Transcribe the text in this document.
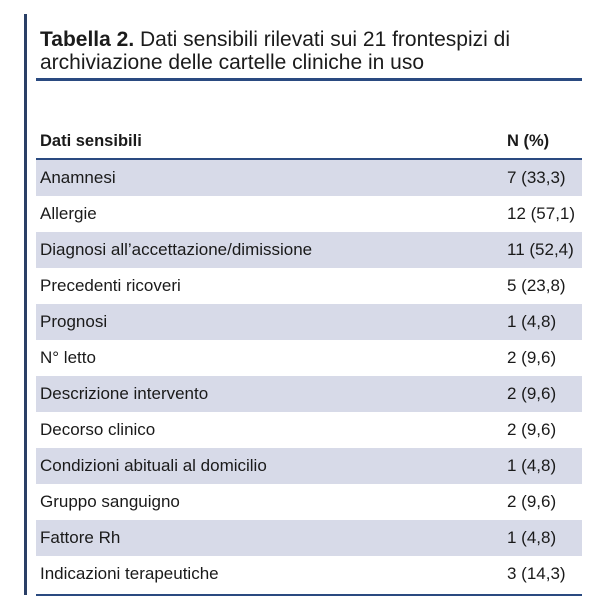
Tabella 2. Dati sensibili rilevati sui 21 frontespizi di archiviazione delle cartelle cliniche in uso
Dati sensibili	N (%)
Anamnesi	7 (33,3)
Allergie	12 (57,1)
Diagnosi all’accettazione/dimissione	11 (52,4)
Precedenti ricoveri	5 (23,8)
Prognosi	1 (4,8)
N° letto	2 (9,6)
Descrizione intervento	2 (9,6)
Decorso clinico	2 (9,6)
Condizioni abituali al domicilio	1 (4,8)
Gruppo sanguigno	2 (9,6)
Fattore Rh	1 (4,8)
Indicazioni terapeutiche	3 (14,3)
